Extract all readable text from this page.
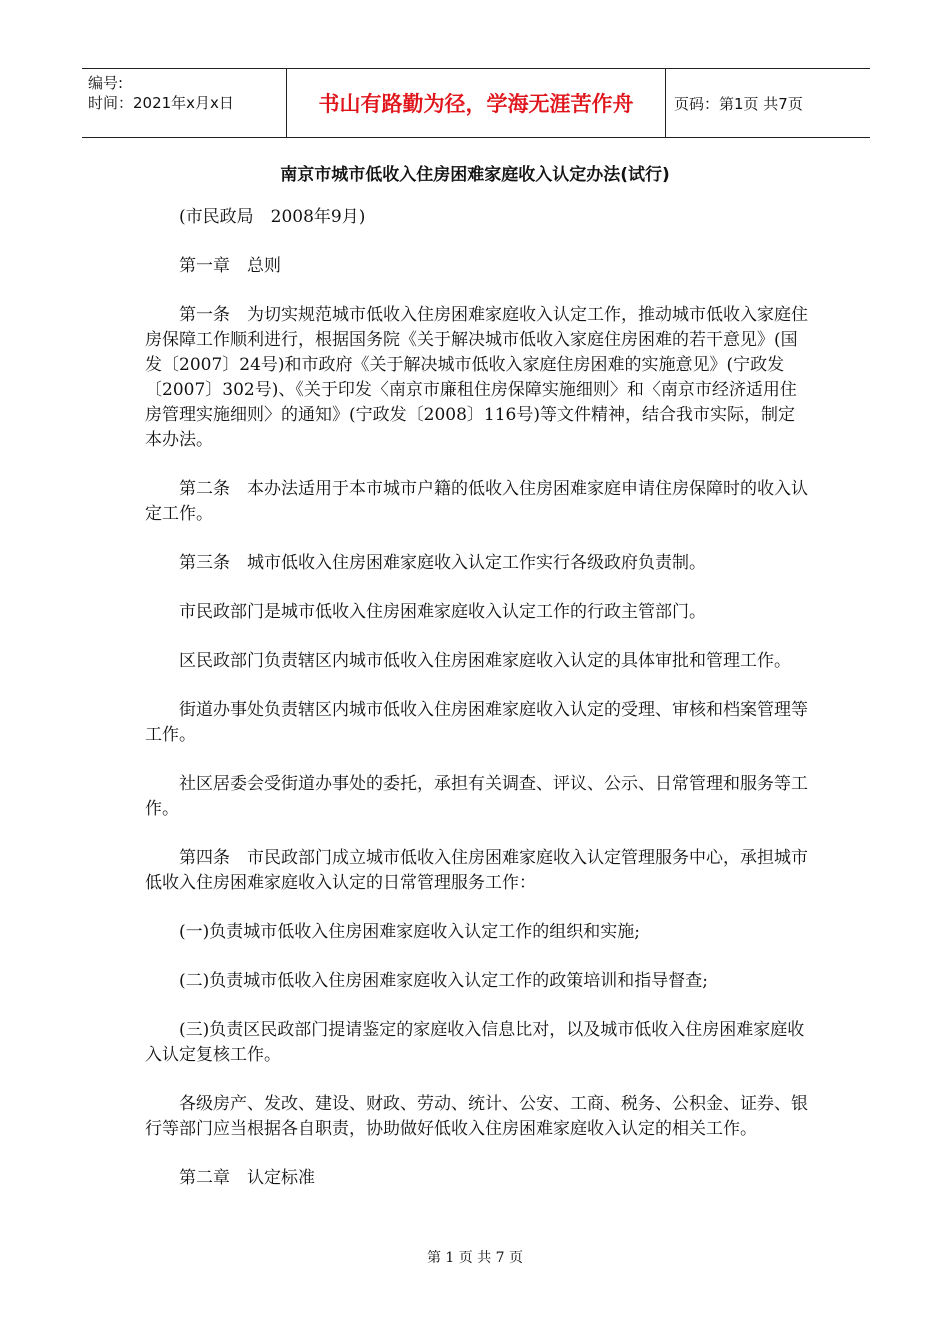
编号:
时间：2021年x月x日	书山有路勤为径，学海无涯苦作舟	页码：第1页 共7页
南京市城市低收入住房困难家庭收入认定办法(试行)

(市民政局　2008年9月)

第一章　总则

第一条　为切实规范城市低收入住房困难家庭收入认定工作，推动城市低收入家庭住房保障工作顺利进行，根据国务院《关于解决城市低收入家庭住房困难的若干意见》(国发〔2007〕24号)和市政府《关于解决城市低收入家庭住房困难的实施意见》(宁政发〔2007〕302号)、《关于印发〈南京市廉租住房保障实施细则〉和〈南京市经济适用住房管理实施细则〉的通知》(宁政发〔2008〕116号)等文件精神，结合我市实际，制定本办法。

第二条　本办法适用于本市城市户籍的低收入住房困难家庭申请住房保障时的收入认定工作。

第三条　城市低收入住房困难家庭收入认定工作实行各级政府负责制。

市民政部门是城市低收入住房困难家庭收入认定工作的行政主管部门。

区民政部门负责辖区内城市低收入住房困难家庭收入认定的具体审批和管理工作。

街道办事处负责辖区内城市低收入住房困难家庭收入认定的受理、审核和档案管理等工作。

社区居委会受街道办事处的委托，承担有关调查、评议、公示、日常管理和服务等工作。

第四条　市民政部门成立城市低收入住房困难家庭收入认定管理服务中心，承担城市低收入住房困难家庭收入认定的日常管理服务工作：

(一)负责城市低收入住房困难家庭收入认定工作的组织和实施;

(二)负责城市低收入住房困难家庭收入认定工作的政策培训和指导督查;

(三)负责区民政部门提请鉴定的家庭收入信息比对，以及城市低收入住房困难家庭收入认定复核工作。

各级房产、发改、建设、财政、劳动、统计、公安、工商、税务、公积金、证券、银行等部门应当根据各自职责，协助做好低收入住房困难家庭收入认定的相关工作。

第二章　认定标准

第 1 页 共 7 页
